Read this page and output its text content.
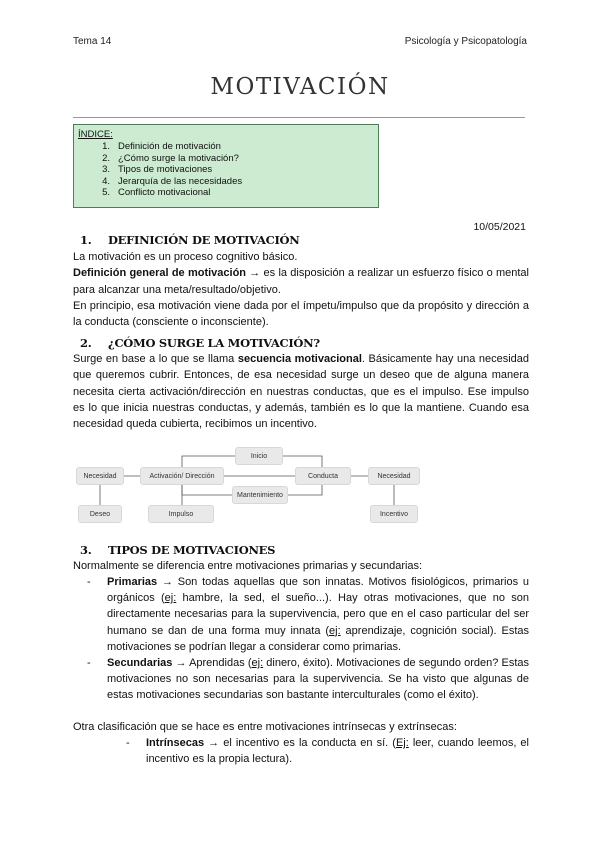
Tema 14	Psicología y Psicopatología
MOTIVACIÓN
ÍNDICE:
1. Definición de motivación
2. ¿Cómo surge la motivación?
3. Tipos de motivaciones
4. Jerarquía de las necesidades
5. Conflicto motivacional
10/05/2021
1. DEFINICIÓN DE MOTIVACIÓN
La motivación es un proceso cognitivo básico.
Definición general de motivación → es la disposición a realizar un esfuerzo físico o mental para alcanzar una meta/resultado/objetivo.
En principio, esa motivación viene dada por el ímpetu/impulso que da propósito y dirección a la conducta (consciente o inconsciente).
2. ¿CÓMO SURGE LA MOTIVACIÓN?
Surge en base a lo que se llama secuencia motivacional. Básicamente hay una necesidad que queremos cubrir. Entonces, de esa necesidad surge un deseo que de alguna manera necesita cierta activación/dirección en nuestras conductas, que es el impulso. Ese impulso es lo que inicia nuestras conductas, y además, también es lo que la mantiene. Cuando esa necesidad queda cubierta, recibimos un incentivo.
Necesidad	Activación/ Dirección
Inicio
Conducta	Necesidad
Mantenimiento
Deseo	Impulso	Incentivo
3. TIPOS DE MOTIVACIONES
Normalmente se diferencia entre motivaciones primarias y secundarias:
- Primarias → Son todas aquellas que son innatas. Motivos fisiológicos, primarios u orgánicos (ej: hambre, la sed, el sueño...). Hay otras motivaciones, que no son directamente necesarias para la supervivencia, pero que en el caso particular del ser humano se dan de una forma muy innata (ej: aprendizaje, cognición social). Estas motivaciones se podrían llegar a considerar como primarias.
- Secundarias → Aprendidas (ej: dinero, éxito). Motivaciones de segundo orden? Estas motivaciones no son necesarias para la supervivencia. Se ha visto que algunas de estas motivaciones secundarias son bastante interculturales (como el éxito).
Otra clasificación que se hace es entre motivaciones intrínsecas y extrínsecas:
- Intrínsecas → el incentivo es la conducta en sí. (Ej: leer, cuando leemos, el incentivo es la propia lectura).
